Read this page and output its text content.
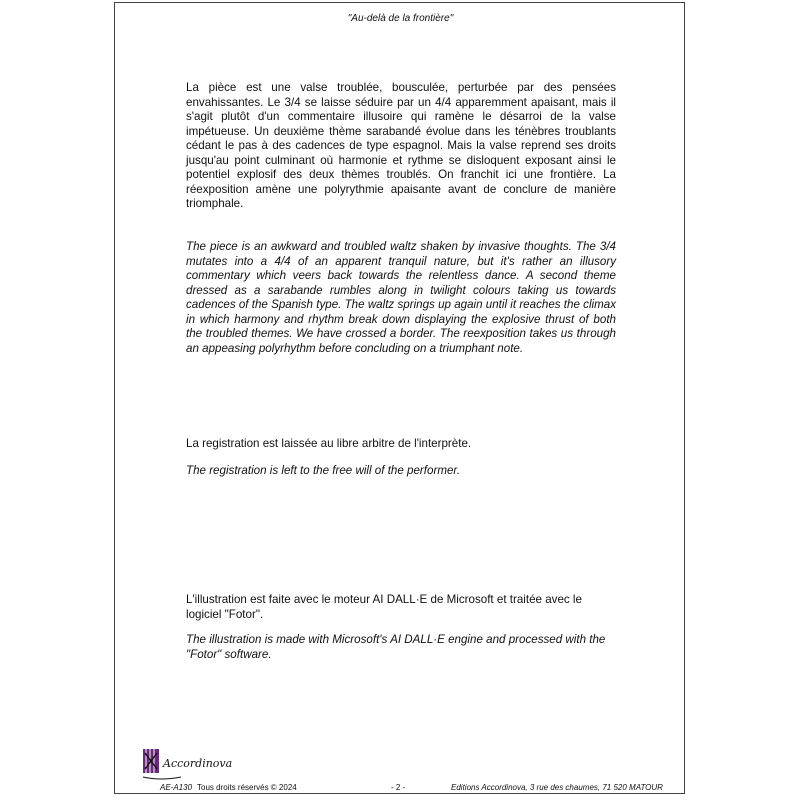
"Au-delà de la frontière"

La pièce est une valse troublée, bousculée, perturbée par des pensées envahissantes. Le 3/4 se laisse séduire par un 4/4 apparemment apaisant, mais il s'agit plutôt d'un commentaire illusoire qui ramène le désarroi de la valse impétueuse. Un deuxième thème sarabandé évolue dans les ténèbres troublants cédant le pas à des cadences de type espagnol. Mais la valse reprend ses droits jusqu'au point culminant où harmonie et rythme se disloquent exposant ainsi le potentiel explosif des deux thèmes troublés. On franchit ici une frontière. La réexposition amène une polyrythmie apaisante avant de conclure de manière triomphale.

The piece is an awkward and troubled waltz shaken by invasive thoughts. The 3/4 mutates into a 4/4 of an apparent tranquil nature, but it's rather an illusory commentary which veers back towards the relentless dance. A second theme dressed as a sarabande rumbles along in twilight colours taking us towards cadences of the Spanish type. The waltz springs up again until it reaches the climax in which harmony and rhythm break down displaying the explosive thrust of both the troubled themes. We have crossed a border. The reexposition takes us through an appeasing polyrhythm before concluding on a triumphant note.

La registration est laissée au libre arbitre de l'interprète.

The registration is left to the free will of the performer.

L'illustration est faite avec le moteur AI DALL·E de Microsoft et traitée avec le logiciel "Fotor".

The illustration is made with Microsoft's AI DALL·E engine and processed with the "Fotor" software.

Accordinova
AE-A130 Tous droits réservés © 2024	- 2 -	Editions Accordinova, 3 rue des chaumes, 71 520 MATOUR
